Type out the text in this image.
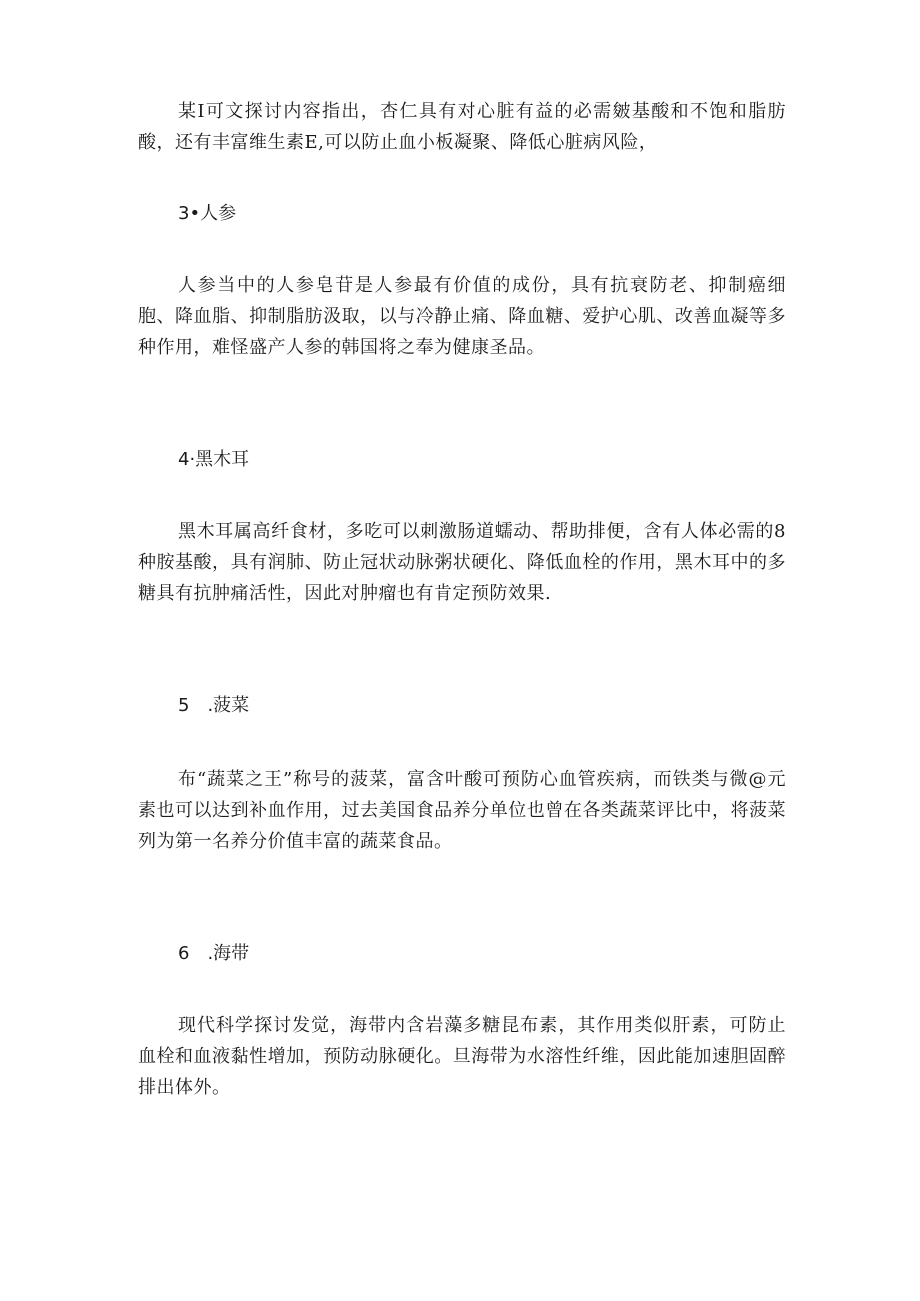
某Ⅰ可文探讨内容指出，杏仁具有对心脏有益的必需皴基酸和不饱和脂肪酸，还有丰富维生素E,可以防止血小板凝聚、降低心脏病风险，

3•人参

人参当中的人参皂苷是人参最有价值的成份，具有抗衰防老、抑制癌细胞、降血脂、抑制脂肪汲取，以与冷静止痛、降血糖、爱护心肌、改善血凝等多种作用，难怪盛产人参的韩国将之奉为健康圣品。

4·黑木耳

黑木耳属高纤食材，多吃可以刺激肠道蠕动、帮助排便，含有人体必需的8种胺基酸，具有润肺、防止冠状动脉粥状硬化、降低血栓的作用，黑木耳中的多糖具有抗肿痛活性，因此对肿瘤也有肯定预防效果.

5　.菠菜

布“蔬菜之王”称号的菠菜，富含叶酸可预防心血管疾病，而铁类与微@元素也可以达到补血作用，过去美国食品养分单位也曾在各类蔬菜评比中，将菠菜列为第一名养分价值丰富的蔬菜食品。

6　.海带

现代科学探讨发觉，海带内含岩藻多糖昆布素，其作用类似肝素，可防止血栓和血液黏性增加，预防动脉硬化。旦海带为水溶性纤维，因此能加速胆固醉排出体外。
